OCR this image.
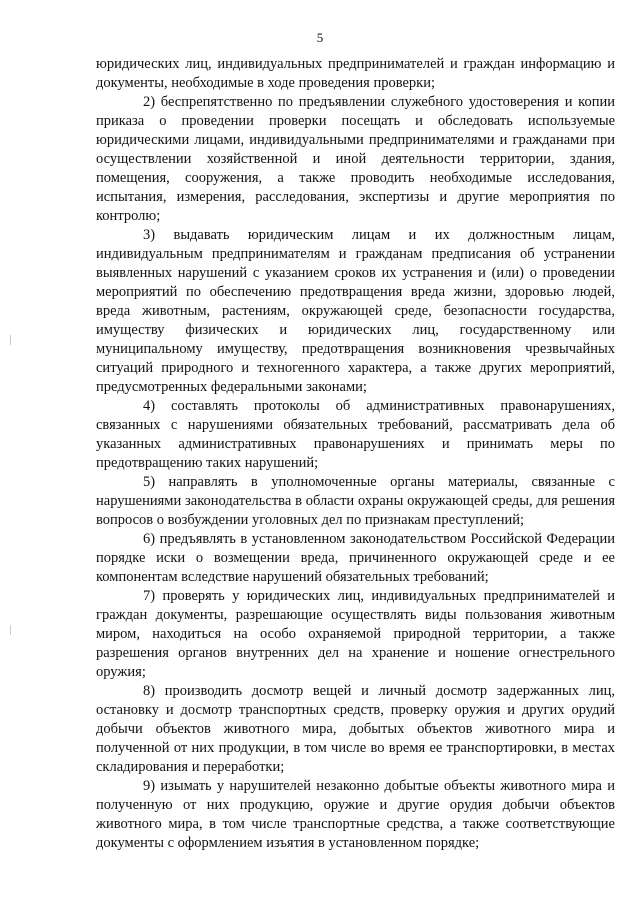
5

юридических лиц, индивидуальных предпринимателей и граждан информацию и документы, необходимые в ходе проведения проверки;

2) беспрепятственно по предъявлении служебного удостоверения и копии приказа о проведении проверки посещать и обследовать используемые юридическими лицами, индивидуальными предпринимателями и гражданами при осуществлении хозяйственной и иной деятельности территории, здания, помещения, сооружения, а также проводить необходимые исследования, испытания, измерения, расследования, экспертизы и другие мероприятия по контролю;

3) выдавать юридическим лицам и их должностным лицам, индивидуальным предпринимателям и гражданам предписания об устранении выявленных нарушений с указанием сроков их устранения и (или) о проведении мероприятий по обеспечению предотвращения вреда жизни, здоровью людей, вреда животным, растениям, окружающей среде, безопасности государства, имуществу физических и юридических лиц, государственному или муниципальному имуществу, предотвращения возникновения чрезвычайных ситуаций природного и техногенного характера, а также других мероприятий, предусмотренных федеральными законами;

4) составлять протоколы об административных правонарушениях, связанных с нарушениями обязательных требований, рассматривать дела об указанных административных правонарушениях и принимать меры по предотвращению таких нарушений;

5) направлять в уполномоченные органы материалы, связанные с нарушениями законодательства в области охраны окружающей среды, для решения вопросов о возбуждении уголовных дел по признакам преступлений;

6) предъявлять в установленном законодательством Российской Федерации порядке иски о возмещении вреда, причиненного окружающей среде и ее компонентам вследствие нарушений обязательных требований;

7) проверять у юридических лиц, индивидуальных предпринимателей и граждан документы, разрешающие осуществлять виды пользования животным миром, находиться на особо охраняемой природной территории, а также разрешения органов внутренних дел на хранение и ношение огнестрельного оружия;

8) производить досмотр вещей и личный досмотр задержанных лиц, остановку и досмотр транспортных средств, проверку оружия и других орудий добычи объектов животного мира, добытых объектов животного мира и полученной от них продукции, в том числе во время ее транспортировки, в местах складирования и переработки;

9) изымать у нарушителей незаконно добытые объекты животного мира и полученную от них продукцию, оружие и другие орудия добычи объектов животного мира, в том числе транспортные средства, а также соответствующие документы с оформлением изъятия в установленном порядке;
